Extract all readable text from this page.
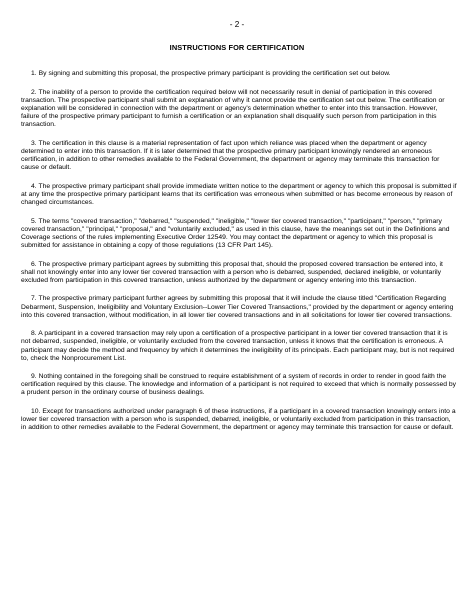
- 2 -
INSTRUCTIONS FOR CERTIFICATION

1. By signing and submitting this proposal, the prospective primary participant is providing the certification set out below.

2. The inability of a person to provide the certification required below will not necessarily result in denial of participation in this covered transaction. The prospective participant shall submit an explanation of why it cannot provide the certification set out below. The certification or explanation will be considered in connection with the department or agency's determination whether to enter into this transaction. However, failure of the prospective primary participant to furnish a certification or an explanation shall disqualify such person from participation in this transaction.

3. The certification in this clause is a material representation of fact upon which reliance was placed when the department or agency determined to enter into this transaction. If it is later determined that the prospective primary participant knowingly rendered an erroneous certification, in addition to other remedies available to the Federal Government, the department or agency may terminate this transaction for cause or default.

4. The prospective primary participant shall provide immediate written notice to the department or agency to which this proposal is submitted if at any time the prospective primary participant learns that its certification was erroneous when submitted or has become erroneous by reason of changed circumstances.

5. The terms "covered transaction," "debarred," "suspended," "ineligible," "lower tier covered transaction," "participant," "person," "primary covered transaction," "principal," "proposal," and "voluntarily excluded," as used in this clause, have the meanings set out in the Definitions and Coverage sections of the rules implementing Executive Order 12549. You may contact the department or agency to which this proposal is submitted for assistance in obtaining a copy of those regulations (13 CFR Part 145).

6. The prospective primary participant agrees by submitting this proposal that, should the proposed covered transaction be entered into, it shall not knowingly enter into any lower tier covered transaction with a person who is debarred, suspended, declared ineligible, or voluntarily excluded from participation in this covered transaction, unless authorized by the department or agency entering into this transaction.

7. The prospective primary participant further agrees by submitting this proposal that it will include the clause titled "Certification Regarding Debarment, Suspension, Ineligibility and Voluntary Exclusion--Lower Tier Covered Transactions," provided by the department or agency entering into this covered transaction, without modification, in all lower tier covered transactions and in all solicitations for lower tier covered transactions.

8. A participant in a covered transaction may rely upon a certification of a prospective participant in a lower tier covered transaction that it is not debarred, suspended, ineligible, or voluntarily excluded from the covered transaction, unless it knows that the certification is erroneous. A participant may decide the method and frequency by which it determines the ineligibility of its principals. Each participant may, but is not required to, check the Nonprocurement List.

9. Nothing contained in the foregoing shall be construed to require establishment of a system of records in order to render in good faith the certification required by this clause. The knowledge and information of a participant is not required to exceed that which is normally possessed by a prudent person in the ordinary course of business dealings.

10. Except for transactions authorized under paragraph 6 of these instructions, if a participant in a covered transaction knowingly enters into a lower tier covered transaction with a person who is suspended, debarred, ineligible, or voluntarily excluded from participation in this transaction, in addition to other remedies available to the Federal Government, the department or agency may terminate this transaction for cause or default.
